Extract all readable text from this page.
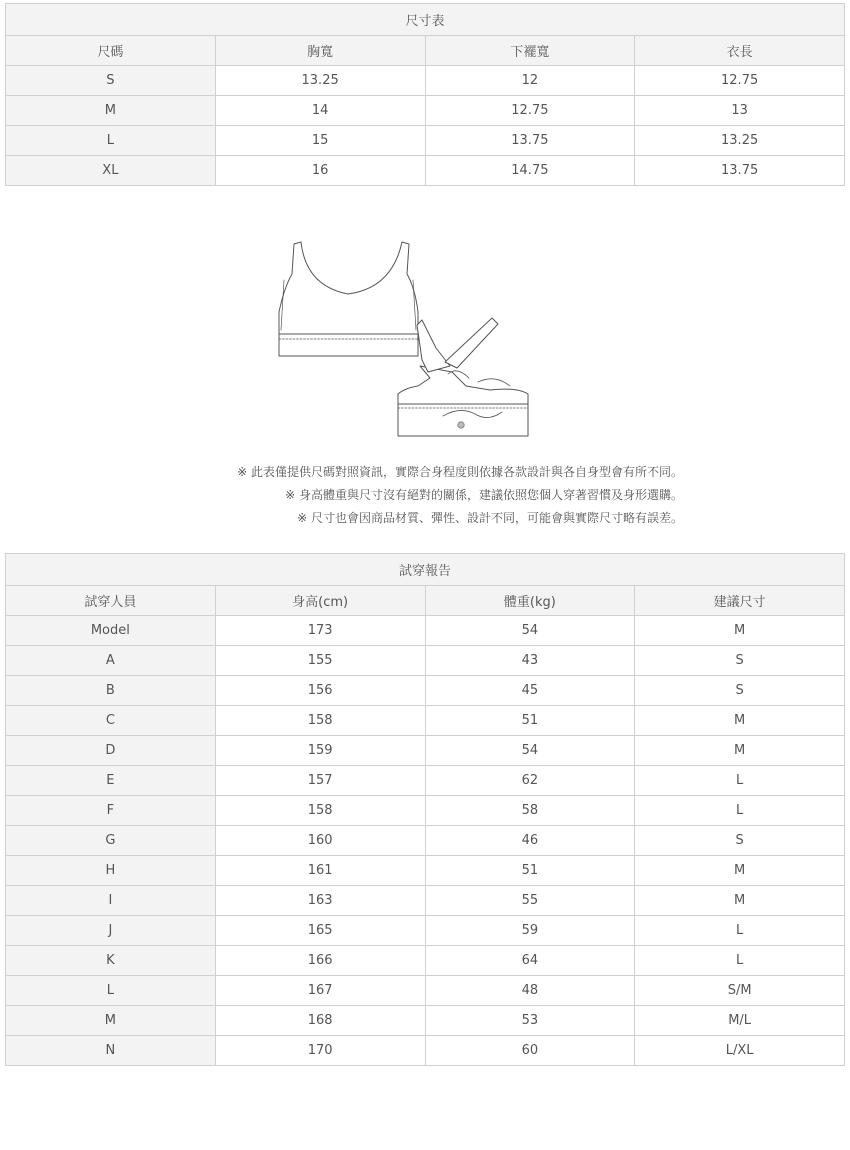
尺寸表			
尺碼	胸寬	下襬寬	衣長
S	13.25	12	12.75
M	14	12.75	13
L	15	13.75	13.25
XL	16	14.75	13.75
※ 此表僅提供尺碼對照資訊，實際合身程度則依據各款設計與各自身型會有所不同。
※ 身高體重與尺寸沒有絕對的關係，建議依照您個人穿著習慣及身形選購。
※ 尺寸也會因商品材質、彈性、設計不同，可能會與實際尺寸略有誤差。
試穿報告			
試穿人員	身高(cm)	體重(kg)	建議尺寸
Model	173	54	M
A	155	43	S
B	156	45	S
C	158	51	M
D	159	54	M
E	157	62	L
F	158	58	L
G	160	46	S
H	161	51	M
I	163	55	M
J	165	59	L
K	166	64	L
L	167	48	S/M
M	168	53	M/L
N	170	60	L/XL
